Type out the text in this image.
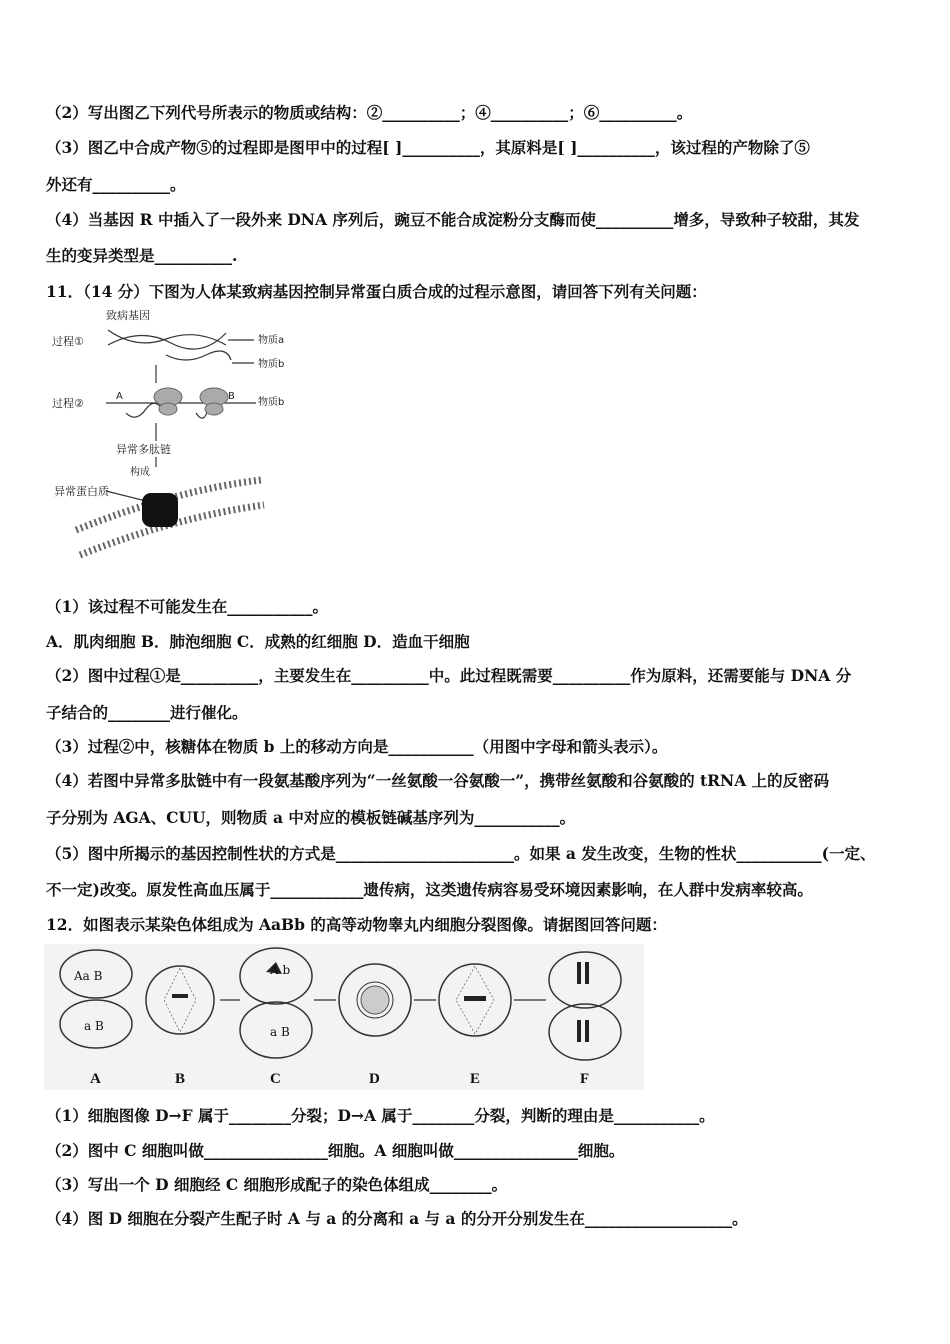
（2）写出图乙下列代号所表示的物质或结构：②__________；④__________；⑥__________。
（3）图乙中合成产物⑤的过程即是图甲中的过程[ ]__________，其原料是[ ]__________，该过程的产物除了⑤
外还有__________。
（4）当基因 R 中插入了一段外来 DNA 序列后，豌豆不能合成淀粉分支酶而使__________增多，导致种子较甜，其发
生的变异类型是__________.
11．（14 分）下图为人体某致病基因控制异常蛋白质合成的过程示意图，请回答下列有关问题：
致病基因
过程①	物质a
物质b
过程②
A	B
物质b
异常多肽链
构成
异常蛋白质
（1）该过程不可能发生在___________。
A．肌肉细胞 B．肺泡细胞 C．成熟的红细胞 D．造血干细胞
（2）图中过程①是__________，主要发生在__________中。此过程既需要__________作为原料，还需要能与 DNA 分
子结合的________进行催化。
（3）过程②中，核糖体在物质 b 上的移动方向是___________（用图中字母和箭头表示）。
（4）若图中异常多肽链中有一段氨基酸序列为“一丝氨酸一谷氨酸一”，携带丝氨酸和谷氨酸的 tRNA 上的反密码
子分别为 AGA、CUU，则物质 a 中对应的模板链碱基序列为___________。
（5）图中所揭示的基因控制性状的方式是_______________________。如果 a 发生改变，生物的性状___________(一定、
不一定)改变。原发性高血压属于____________遗传病，这类遗传病容易受环境因素影响，在人群中发病率较高。
12．如图表示某染色体组成为 AaBb 的高等动物睾丸内细胞分裂图像。请据图回答问题：
Aa B
a B
A b
a B
A	B	C	D	E	F
（1）细胞图像 D→F 属于________分裂；D→A 属于________分裂，判断的理由是___________。
（2）图中 C 细胞叫做________________细胞。A 细胞叫做________________细胞。
（3）写出一个 D 细胞经 C 细胞形成配子的染色体组成________。
（4）图 D 细胞在分裂产生配子时 A 与 a 的分离和 a 与 a 的分开分别发生在___________________。
